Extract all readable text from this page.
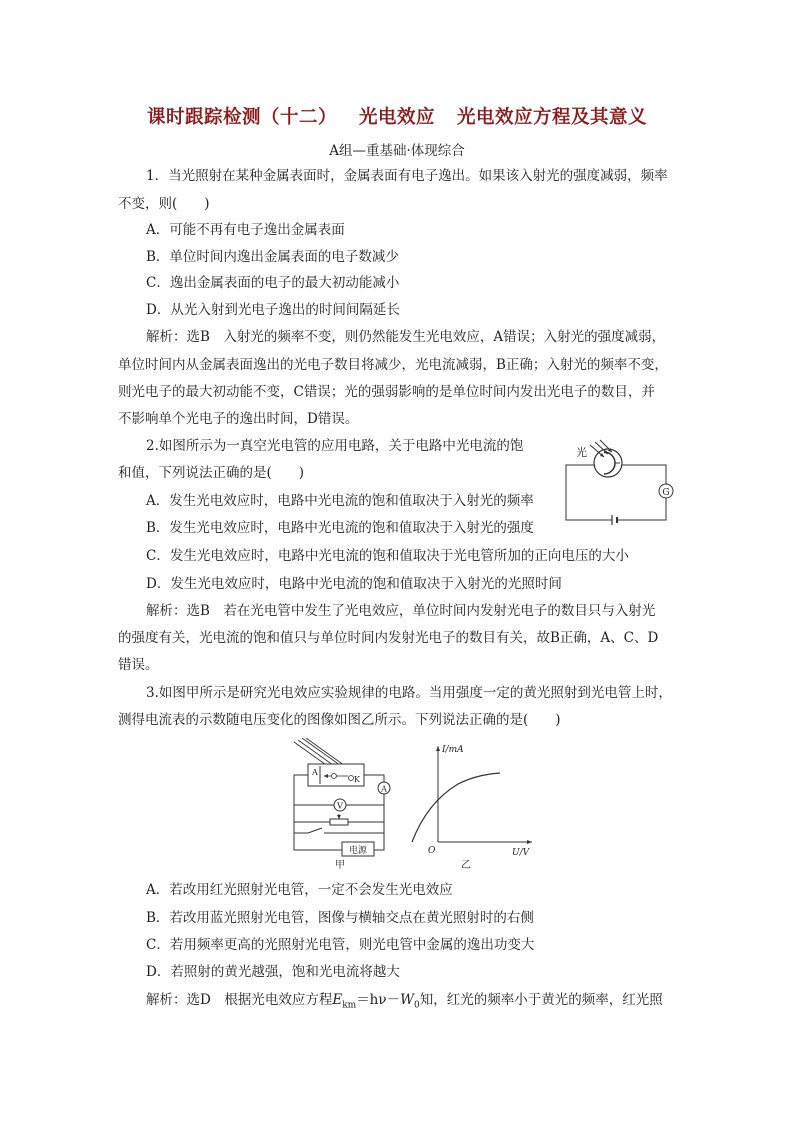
课时跟踪检测（十二） 光电效应 光电效应方程及其意义
A组—重基础·体现综合
1．当光照射在某种金属表面时，金属表面有电子逸出。如果该入射光的强度减弱，频率
不变，则(　　)
A．可能不再有电子逸出金属表面
B．单位时间内逸出金属表面的电子数减少
C．逸出金属表面的电子的最大初动能减小
D．从光入射到光电子逸出的时间间隔延长
解析：选B　入射光的频率不变，则仍然能发生光电效应，A错误；入射光的强度减弱，
单位时间内从金属表面逸出的光电子数目将减少，光电流减弱，B正确；入射光的频率不变，
则光电子的最大初动能不变，C错误；光的强弱影响的是单位时间内发出光电子的数目，并
不影响单个光电子的逸出时间，D错误。
2.如图所示为一真空光电管的应用电路，关于电路中光电流的饱
和值，下列说法正确的是(　　)
光
G
A．发生光电效应时，电路中光电流的饱和值取决于入射光的频率
B．发生光电效应时，电路中光电流的饱和值取决于入射光的强度
C．发生光电效应时，电路中光电流的饱和值取决于光电管所加的正向电压的大小
D．发生光电效应时，电路中光电流的饱和值取决于入射光的光照时间
解析：选B　若在光电管中发生了光电效应，单位时间内发射光电子的数目只与入射光
的强度有关，光电流的饱和值只与单位时间内发射光电子的数目有关，故B正确，A、C、D
错误。
3.如图甲所示是研究光电效应实验规律的电路。当用强度一定的黄光照射到光电管上时，
测得电流表的示数随电压变化的图像如图乙所示。下列说法正确的是(　　)
A
K
A
V
电源
甲
I/mA
O	U/V
乙
A．若改用红光照射光电管，一定不会发生光电效应
B．若改用蓝光照射光电管，图像与横轴交点在黄光照射时的右侧
C．若用频率更高的光照射光电管，则光电管中金属的逸出功变大
D．若照射的黄光越强，饱和光电流将越大
解析：选D　根据光电效应方程$E_{km}=h\nu-W_0$知，红光的频率小于黄光的频率，红光照
